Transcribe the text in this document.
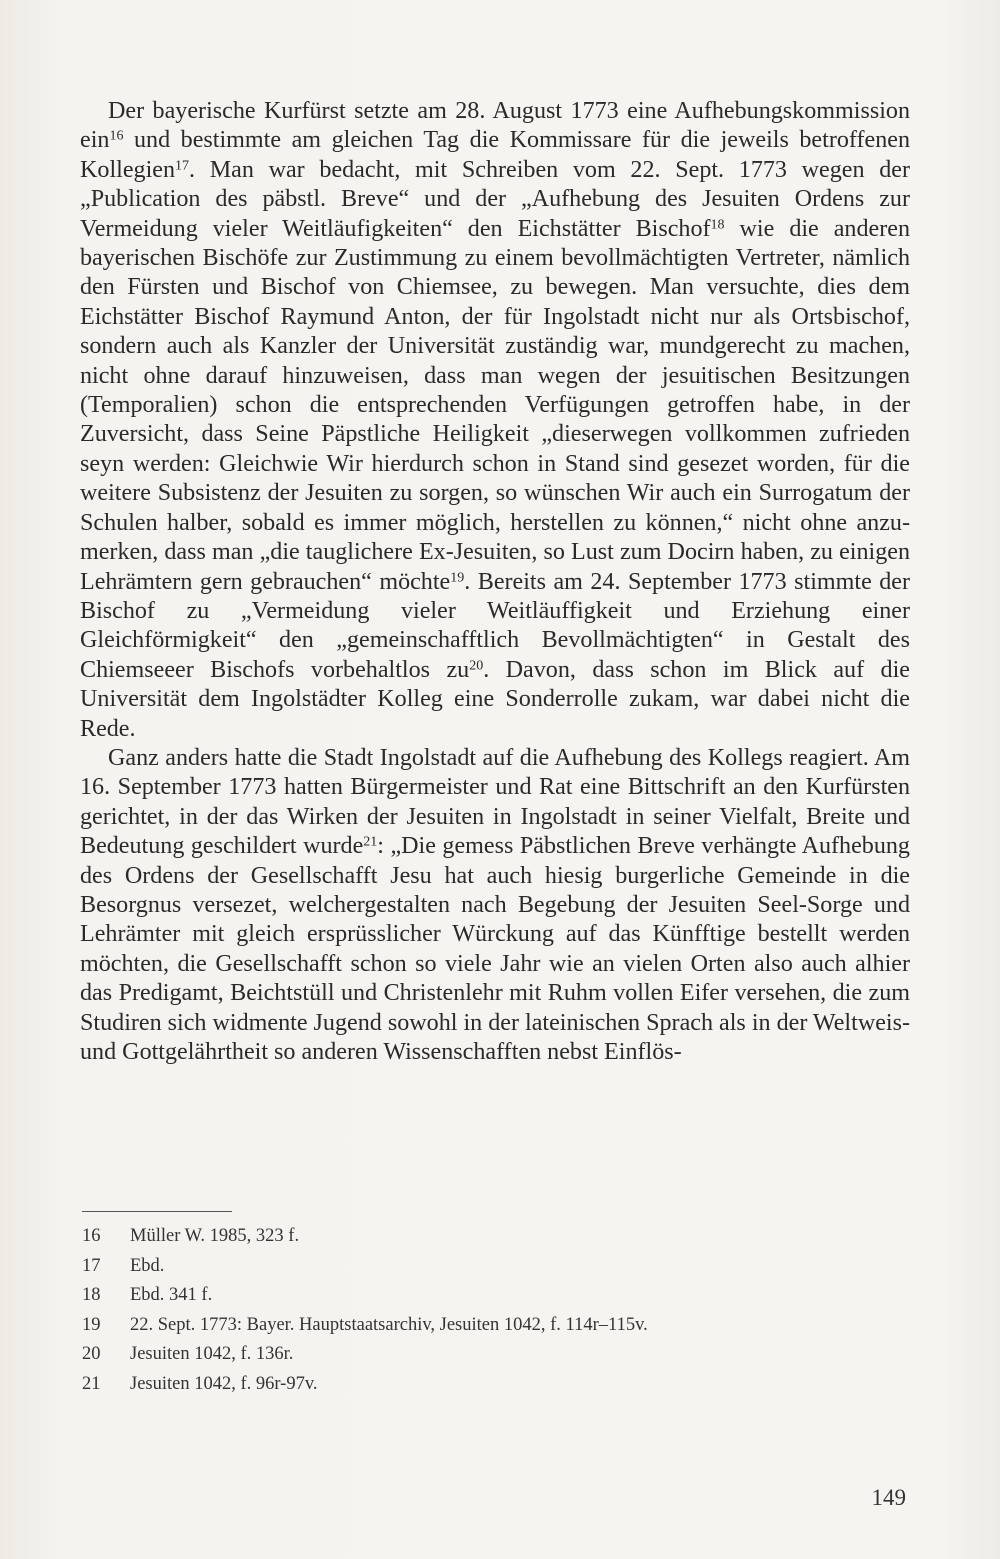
Der bayerische Kurfürst setzte am 28. August 1773 eine Aufhebungskommission ein$^{16}$ und bestimmte am gleichen Tag die Kommissare für die jeweils betroffenen Kollegien$^{17}$. Man war bedacht, mit Schreiben vom 22. Sept. 1773 wegen der „Publication des päbstl. Breve“ und der „Aufhebung des Jesuiten Ordens zur Vermeidung vieler Weitläufigkeiten“ den Eichstätter Bischof$^{18}$ wie die anderen bayerischen Bischöfe zur Zustimmung zu einem bevollmächtigten Vertreter, nämlich den Fürsten und Bischof von Chiemsee, zu bewegen. Man versuchte, dies dem Eichstätter Bischof Raymund Anton, der für Ingolstadt nicht nur als Ortsbischof, sondern auch als Kanzler der Universität zuständig war, mundgerecht zu machen, nicht ohne darauf hinzuweisen, dass man wegen der jesuitischen Besitzungen (Temporalien) schon die entsprechenden Verfügungen getroffen habe, in der Zuversicht, dass Seine Päpstliche Heiligkeit „dieserwegen vollkommen zufrieden seyn werden: Gleichwie Wir hierdurch schon in Stand sind gesezet worden, für die weitere Subsistenz der Jesuiten zu sorgen, so wünschen Wir auch ein Surrogatum der Schulen halber, sobald es immer möglich, herstellen zu können,“ nicht ohne anzumerken, dass man „die tauglichere Ex-Jesuiten, so Lust zum Docirn haben, zu einigen Lehrämtern gern gebrauchen“ möchte$^{19}$. Bereits am 24. September 1773 stimmte der Bischof zu „Vermeidung vieler Weitläuffigkeit und Erziehung einer Gleichförmigkeit“ den „gemeinschafftlich Bevollmächtigten“ in Gestalt des Chiemseeer Bischofs vorbehaltlos $zu^{20}$. Davon, dass schon im Blick auf die Universität dem Ingolstädter Kolleg eine Sonderrolle zukam, war dabei nicht die Rede.

Ganz anders hatte die Stadt Ingolstadt auf die Aufhebung des Kollegs reagiert. Am 16. September 1773 hatten Bürgermeister und Rat eine Bittschrift an den Kurfürsten gerichtet, in der das Wirken der Jesuiten in Ingolstadt in seiner Vielfalt, Breite und Bedeutung geschildert wurde$^{21}$: „Die gemess Päbstlichen Breve verhängte Aufhebung des Ordens der Gesellschafft Jesu hat auch hiesig burgerliche Gemeinde in die Besorgnus versezet, welchergestalten nach Begebung der Jesuiten Seel-Sorge und Lehrämter mit gleich ersprüsslicher Würckung auf das Künfftige bestellt werden möchten, die Gesellschafft schon so viele Jahr wie an vielen Orten also auch alhier das Predigamt, Beichtstüll und Christenlehr mit Ruhm vollen Eifer versehen, die zum Studiren sich widmente Jugend sowohl in der lateinischen Sprach als in der Weltweis- und Gottgelährtheit so anderen Wissenschafften nebst Einflös-

16	Müller W. 1985, 323 f.
17	Ebd.
18	Ebd. 341 f.
19	22. Sept. 1773: Bayer. Hauptstaatsarchiv, Jesuiten 1042, f. 114r–115v.
20	Jesuiten 1042, f. 136r.
21	Jesuiten 1042, f. 96r-97v.
149
